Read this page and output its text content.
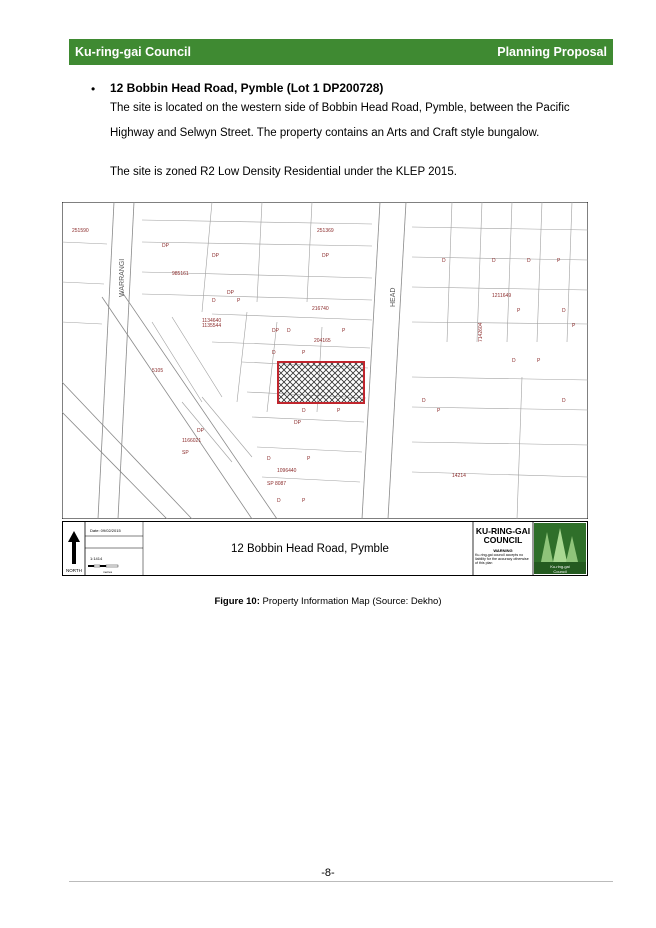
Ku-ring-gai Council	Planning Proposal
• 12 Bobbin Head Road, Pymble (Lot 1 DP200728)
The site is located on the western side of Bobbin Head Road, Pymble, between the Pacific Highway and Selwyn Street. The property contains an Arts and Craft style bungalow.
The site is zoned R2 Low Density Residential under the KLEP 2015.
WARRANGI
HEAD
251590	251369
DP	DP
DP
985161
1134640
DP
D	P
1135544
216740
DP D	P
D	P
204165
DP
D	P
7142604
D	D	D	P
D	P
5105
DP
1166021
SP
D	P
1096440
SP 8087
D	P
1211649
P	D
P
14214
D
P
D
NORTH
Date: 09/02/2015
1:1414
metres
12 Bobbin Head Road, Pymble
KU-RING-GAI
COUNCIL
WARNING
Ku-ring-gai council accepts no liability for the accuracy otherwise of this plan
Ku-ring-gai
Council
Figure 10: Property Information Map (Source: Dekho)
-8-
